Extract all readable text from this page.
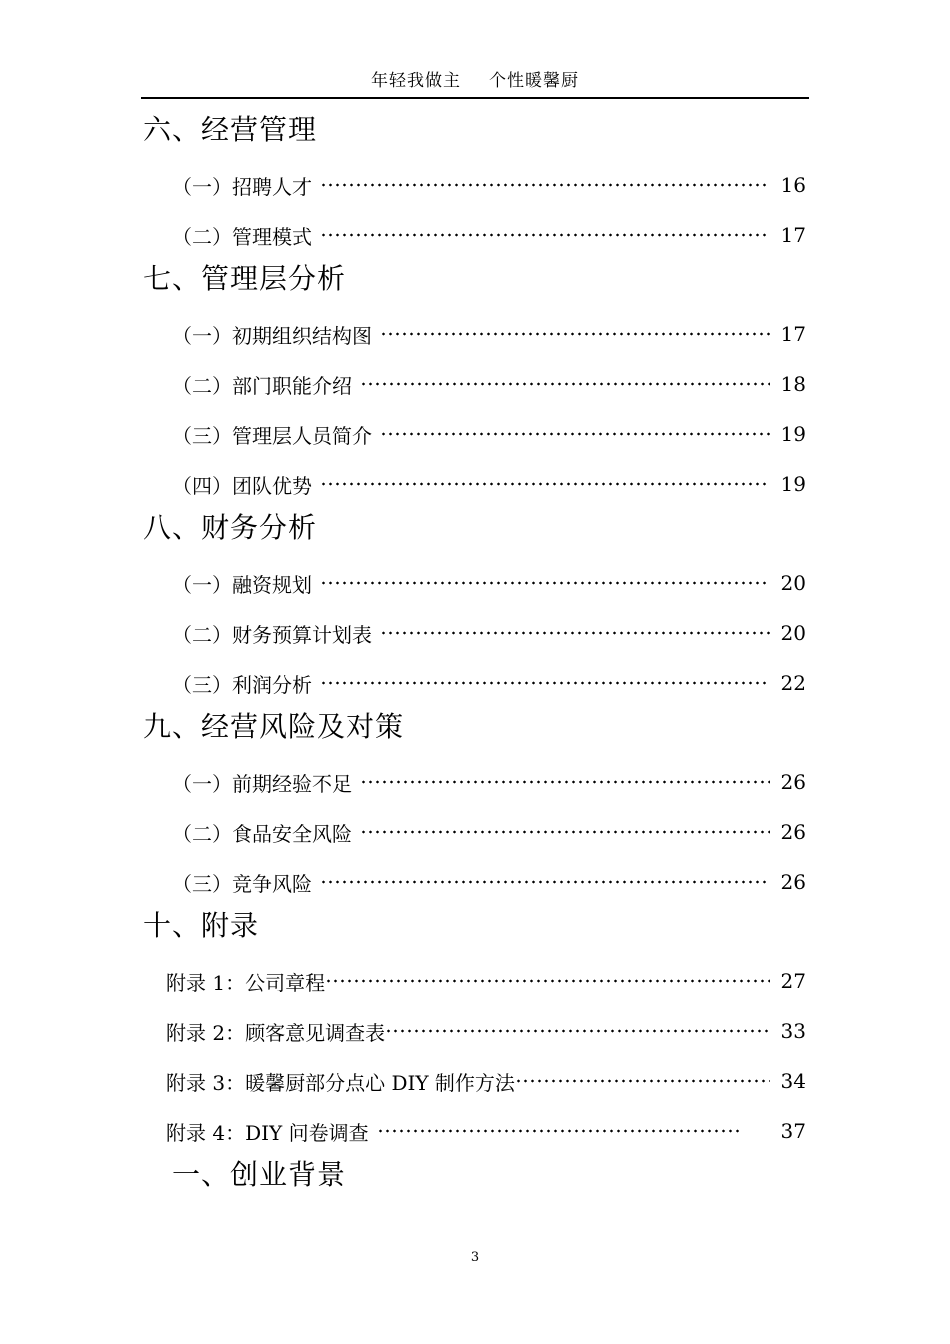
年轻我做主 个性暖馨厨
六、经营管理
（一）招聘人才	16
（二）管理模式	17
七、管理层分析
（一）初期组织结构图	17
（二）部门职能介绍	18
（三）管理层人员简介	19
（四）团队优势	19
八、财务分析
（一）融资规划	20
（二）财务预算计划表	20
（三）利润分析	22
九、经营风险及对策
（一）前期经验不足	26
（二）食品安全风险	26
（三）竞争风险	26
十、附录
附录 1：公司章程	27
附录 2：顾客意见调查表	33
附录 3：暖馨厨部分点心 DIY 制作方法	34
附录 4：DIY 问卷调查	37
一、创业背景
3
